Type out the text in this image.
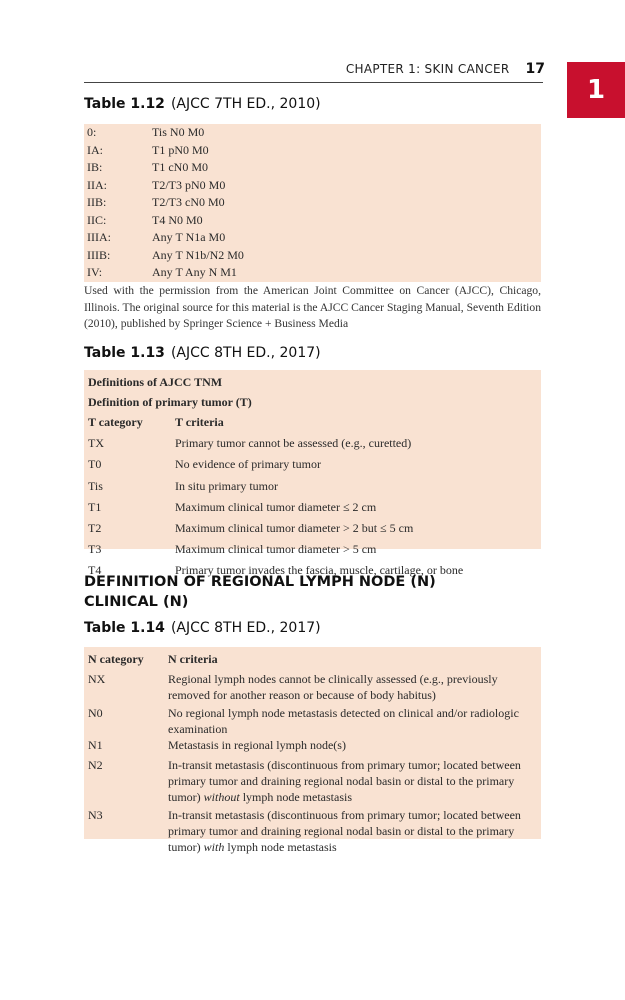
CHAPTER 1: SKIN CANCER 17
1
Table 1.12 (AJCC 7TH ED., 2010)
0:	Tis N0 M0
IA:	T1 pN0 M0
IB:	T1 cN0 M0
IIA:	T2/T3 pN0 M0
IIB:	T2/T3 cN0 M0
IIC:	T4 N0 M0
IIIA:	Any T N1a M0
IIIB:	Any T N1b/N2 M0
IV:	Any T Any N M1
Used with the permission from the American Joint Committee on Cancer (AJCC), Chicago, Illinois. The original source for this material is the AJCC Cancer Staging Manual, Seventh Edition (2010), published by Springer Science + Business Media
Table 1.13 (AJCC 8TH ED., 2017)
Definitions of AJCC TNM
Definition of primary tumor (T)
T category	T criteria
TX	Primary tumor cannot be assessed (e.g., curetted)
T0	No evidence of primary tumor
Tis	In situ primary tumor
T1	Maximum clinical tumor diameter ≤ 2 cm
T2	Maximum clinical tumor diameter > 2 but ≤ 5 cm
T3	Maximum clinical tumor diameter > 5 cm
T4	Primary tumor invades the fascia, muscle, cartilage, or bone
DEFINITION OF REGIONAL LYMPH NODE (N)
CLINICAL (N)
Table 1.14 (AJCC 8TH ED., 2017)
N category N criteria
NX	Regional lymph nodes cannot be clinically assessed (e.g., previously removed for another reason or because of body habitus)
N0	No regional lymph node metastasis detected on clinical and/or radiologic examination
N1	Metastasis in regional lymph node(s)
N2	In-transit metastasis (discontinuous from primary tumor; located between primary tumor and draining regional nodal basin or distal to the primary tumor) without lymph node metastasis
N3	In-transit metastasis (discontinuous from primary tumor; located between primary tumor and draining regional nodal basin or distal to the primary tumor) with lymph node metastasis
